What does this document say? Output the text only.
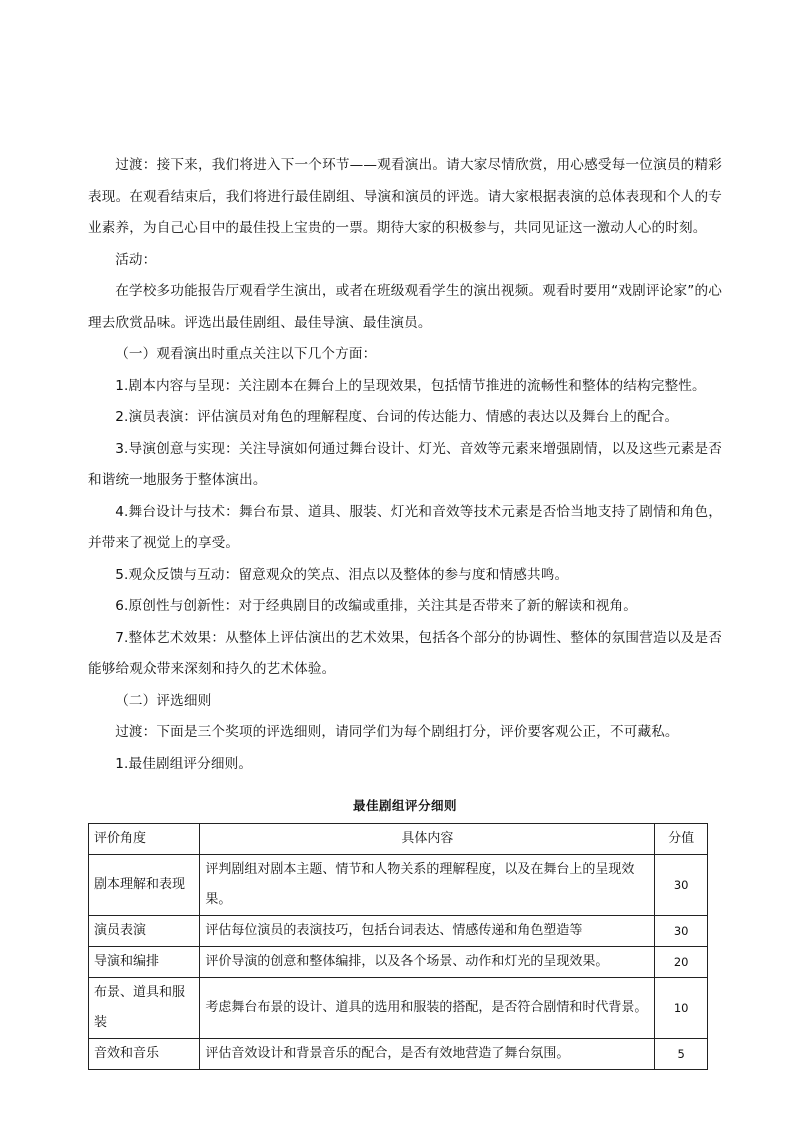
过渡：接下来，我们将进入下一个环节——观看演出。请大家尽情欣赏，用心感受每一位演员的精彩表现。在观看结束后，我们将进行最佳剧组、导演和演员的评选。请大家根据表演的总体表现和个人的专业素养，为自己心目中的最佳投上宝贵的一票。期待大家的积极参与，共同见证这一激动人心的时刻。

活动：

在学校多功能报告厅观看学生演出，或者在班级观看学生的演出视频。观看时要用“戏剧评论家”的心理去欣赏品味。评选出最佳剧组、最佳导演、最佳演员。

（一）观看演出时重点关注以下几个方面：

1.剧本内容与呈现：关注剧本在舞台上的呈现效果，包括情节推进的流畅性和整体的结构完整性。

2.演员表演：评估演员对角色的理解程度、台词的传达能力、情感的表达以及舞台上的配合。

3.导演创意与实现：关注导演如何通过舞台设计、灯光、音效等元素来增强剧情，以及这些元素是否和谐统一地服务于整体演出。

4.舞台设计与技术：舞台布景、道具、服装、灯光和音效等技术元素是否恰当地支持了剧情和角色，并带来了视觉上的享受。

5.观众反馈与互动：留意观众的笑点、泪点以及整体的参与度和情感共鸣。

6.原创性与创新性：对于经典剧目的改编或重排，关注其是否带来了新的解读和视角。

7.整体艺术效果：从整体上评估演出的艺术效果，包括各个部分的协调性、整体的氛围营造以及是否能够给观众带来深刻和持久的艺术体验。

（二）评选细则

过渡：下面是三个奖项的评选细则，请同学们为每个剧组打分，评价要客观公正，不可藏私。

1.最佳剧组评分细则。

最佳剧组评分细则
评价角度	具体内容	分值
剧本理解和表现	评判剧组对剧本主题、情节和人物关系的理解程度，以及在舞台上的呈现效果。	30
演员表演	评估每位演员的表演技巧，包括台词表达、情感传递和角色塑造等	30
导演和编排	评价导演的创意和整体编排，以及各个场景、动作和灯光的呈现效果。	20
布景、道具和服装	考虑舞台布景的设计、道具的选用和服装的搭配，是否符合剧情和时代背景。	10
音效和音乐	评估音效设计和背景音乐的配合，是否有效地营造了舞台氛围。	5
